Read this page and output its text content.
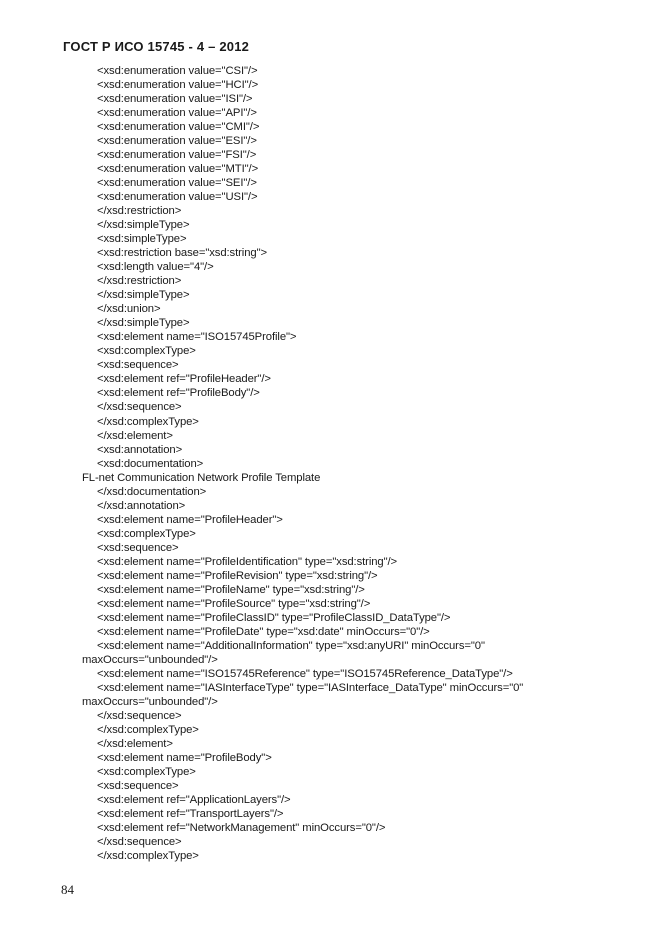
ГОСТ Р ИСО 15745 - 4 – 2012
<xsd:enumeration value="CSI"/>
<xsd:enumeration value="HCI"/>
<xsd:enumeration value="ISI"/>
<xsd:enumeration value="API"/>
<xsd:enumeration value="CMI"/>
<xsd:enumeration value="ESI"/>
<xsd:enumeration value="FSI"/>
<xsd:enumeration value="MTI"/>
<xsd:enumeration value="SEI"/>
<xsd:enumeration value="USI"/>
</xsd:restriction>
</xsd:simpleType>
<xsd:simpleType>
<xsd:restriction base="xsd:string">
<xsd:length value="4"/>
</xsd:restriction>
</xsd:simpleType>
</xsd:union>
</xsd:simpleType>
<xsd:element name="ISO15745Profile">
<xsd:complexType>
<xsd:sequence>
<xsd:element ref="ProfileHeader"/>
<xsd:element ref="ProfileBody"/>
</xsd:sequence>
</xsd:complexType>
</xsd:element>
<xsd:annotation>
<xsd:documentation>
FL-net Communication Network Profile Template
</xsd:documentation>
</xsd:annotation>
<xsd:element name="ProfileHeader">
<xsd:complexType>
<xsd:sequence>
<xsd:element name="ProfileIdentification" type="xsd:string"/>
<xsd:element name="ProfileRevision" type="xsd:string"/>
<xsd:element name="ProfileName" type="xsd:string"/>
<xsd:element name="ProfileSource" type="xsd:string"/>
<xsd:element name="ProfileClassID" type="ProfileClassID_DataType"/>
<xsd:element name="ProfileDate" type="xsd:date" minOccurs="0"/>
<xsd:element name="AdditionalInformation" type="xsd:anyURI" minOccurs="0"
maxOccurs="unbounded"/>
<xsd:element name="ISO15745Reference" type="ISO15745Reference_DataType"/>
<xsd:element name="IASInterfaceType" type="IASInterface_DataType" minOccurs="0"
maxOccurs="unbounded"/>
</xsd:sequence>
</xsd:complexType>
</xsd:element>
<xsd:element name="ProfileBody">
<xsd:complexType>
<xsd:sequence>
<xsd:element ref="ApplicationLayers"/>
<xsd:element ref="TransportLayers"/>
<xsd:element ref="NetworkManagement" minOccurs="0"/>
</xsd:sequence>
</xsd:complexType>
84
